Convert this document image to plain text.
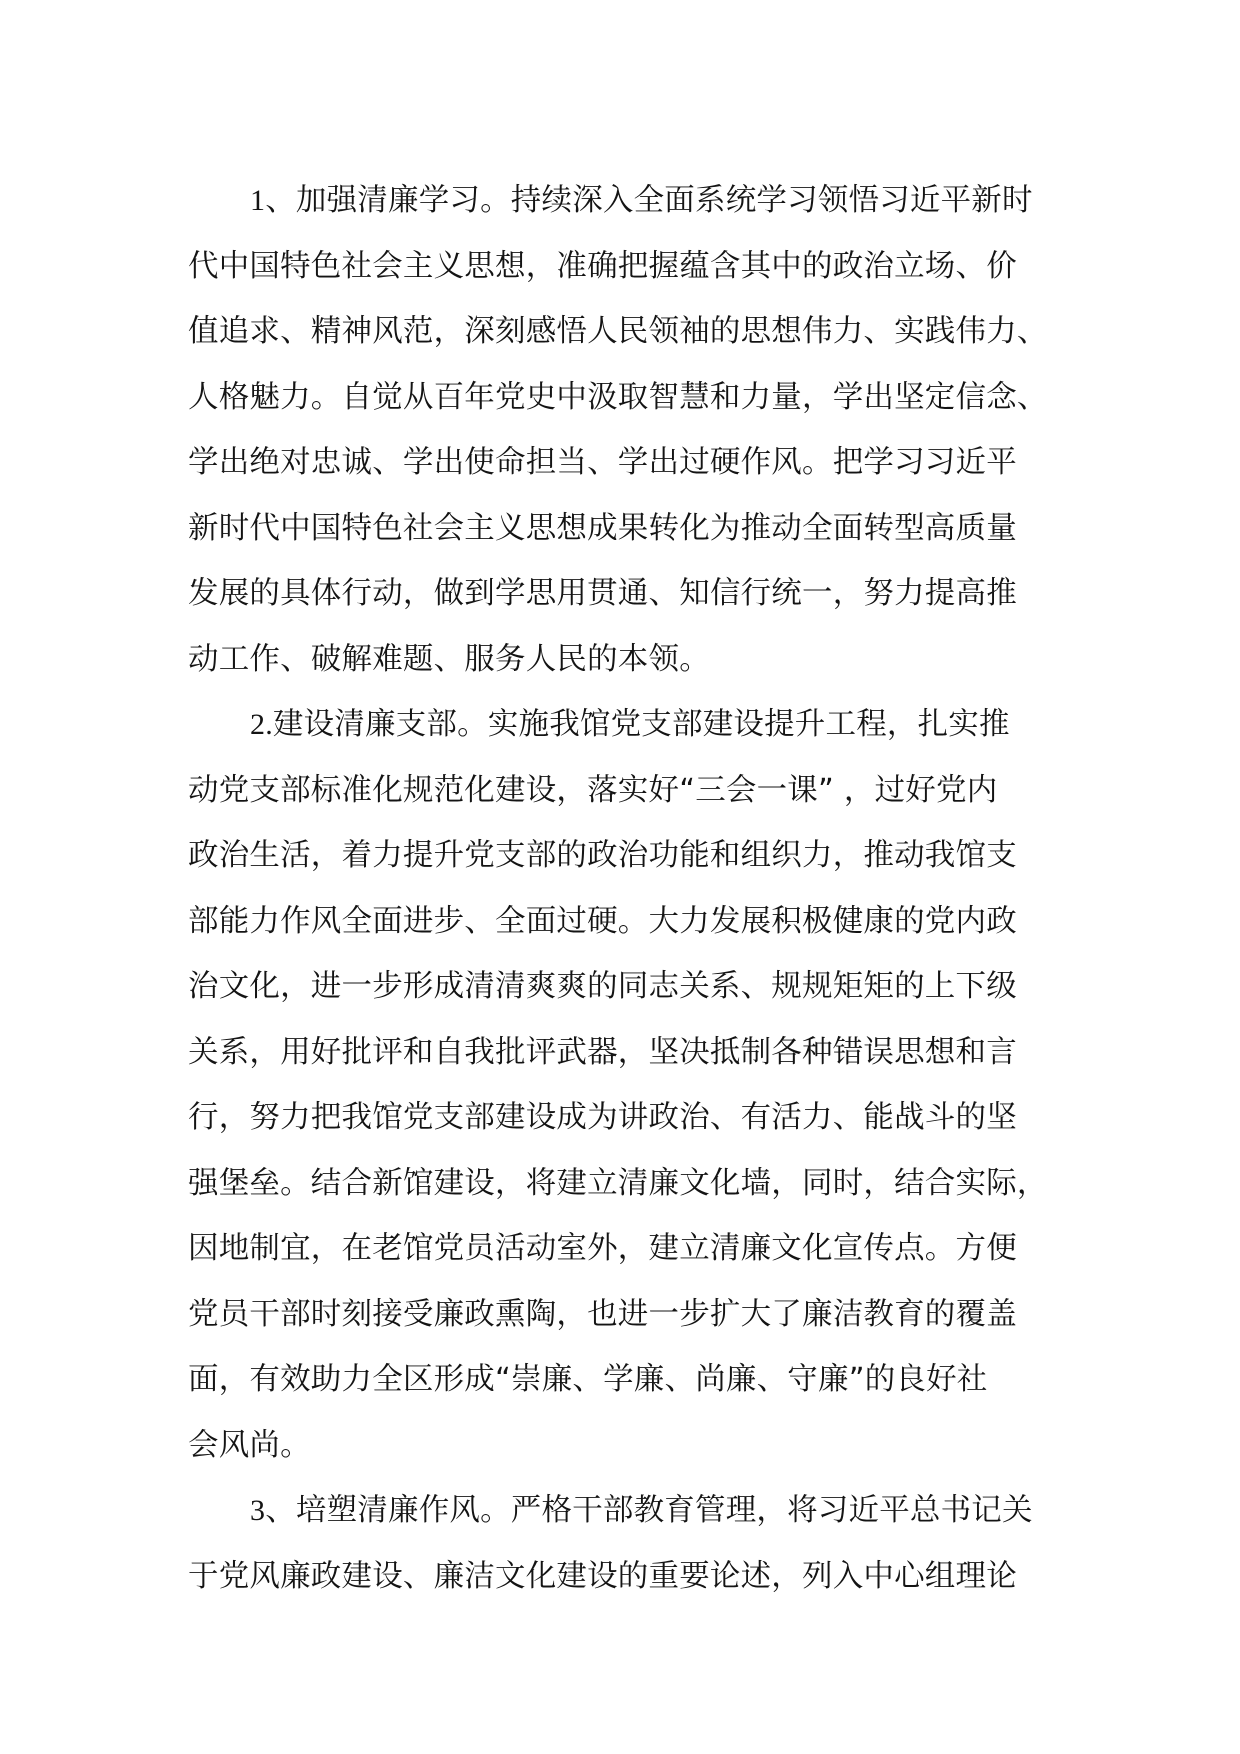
1、加强清廉学习。持续深入全面系统学习领悟习近平新时
代中国特色社会主义思想，准确把握蕴含其中的政治立场、价
值追求、精神风范，深刻感悟人民领袖的思想伟力、实践伟力、
人格魅力。自觉从百年党史中汲取智慧和力量，学出坚定信念、
学出绝对忠诚、学出使命担当、学出过硬作风。把学习习近平
新时代中国特色社会主义思想成果转化为推动全面转型高质量
发展的具体行动，做到学思用贯通、知信行统一，努力提高推
动工作、破解难题、服务人民的本领。
2.建设清廉支部。实施我馆党支部建设提升工程，扎实推
动党支部标准化规范化建设，落实好“三会一课” ，过好党内
政治生活，着力提升党支部的政治功能和组织力，推动我馆支
部能力作风全面进步、全面过硬。大力发展积极健康的党内政
治文化，进一步形成清清爽爽的同志关系、规规矩矩的上下级
关系，用好批评和自我批评武器，坚决抵制各种错误思想和言
行，努力把我馆党支部建设成为讲政治、有活力、能战斗的坚
强堡垒。结合新馆建设，将建立清廉文化墙，同时，结合实际，
因地制宜，在老馆党员活动室外，建立清廉文化宣传点。方便
党员干部时刻接受廉政熏陶，也进一步扩大了廉洁教育的覆盖
面，有效助力全区形成“崇廉、学廉、尚廉、守廉”的良好社
会风尚。
3、培塑清廉作风。严格干部教育管理，将习近平总书记关
于党风廉政建设、廉洁文化建设的重要论述，列入中心组理论
